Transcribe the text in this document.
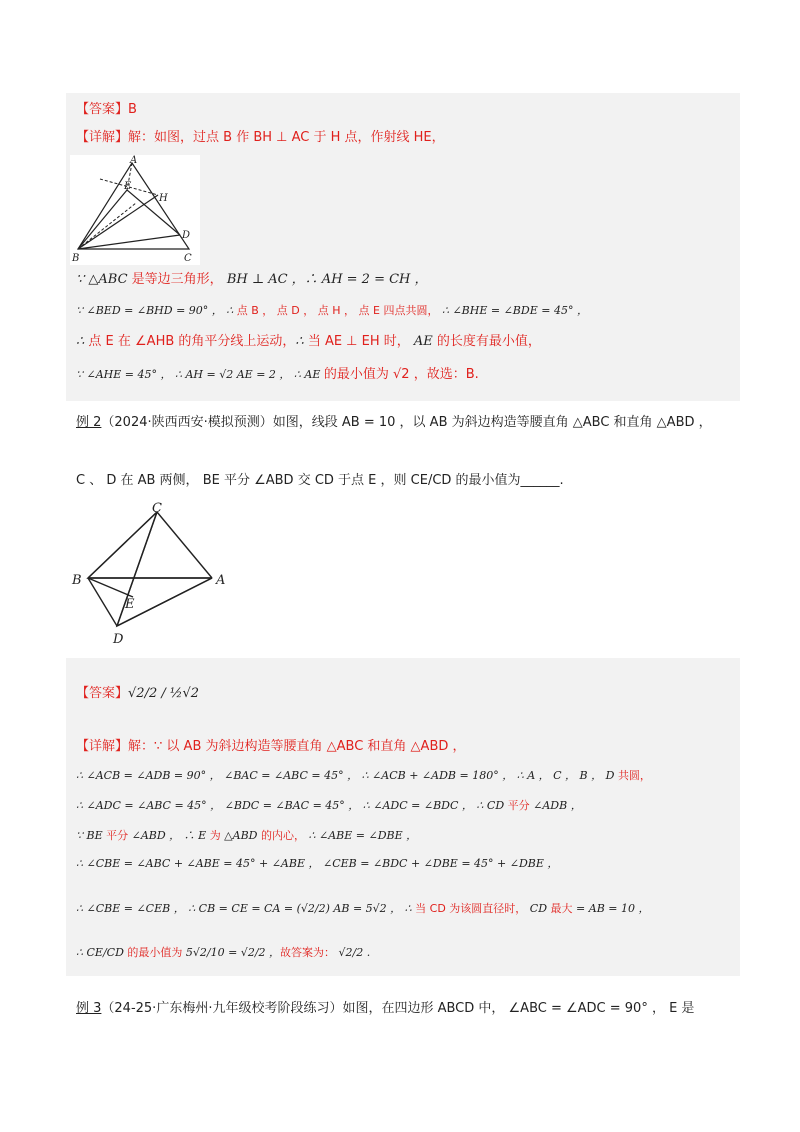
【答案】B
【详解】解：如图，过点 B 作 BH ⊥ AC 于 H 点，作射线 HE，
A
E
H
D
B	C
∵ △ABC 是等边三角形， BH ⊥ AC ，∴ AH = 2 = CH ，
∵ ∠BED = ∠BHD = 90° ， ∴ 点 B ， 点 D ， 点 H ， 点 E 四点共圆， ∴ ∠BHE = ∠BDE = 45° ，
∴ 点 E 在 ∠AHB 的角平分线上运动，∴ 当 AE ⊥ EH 时， AE 的长度有最小值，
∵ ∠AHE = 45° ， ∴ AH = √2 AE = 2 ， ∴ AE 的最小值为 √2 ，故选：B.
例 2（2024·陕西西安·模拟预测）如图，线段 AB = 10 ，以 AB 为斜边构造等腰直角 △ABC 和直角 △ABD ，
C 、 D 在 AB 两侧， BE 平分 ∠ABD 交 CD 于点 E ，则 CE/CD 的最小值为______.
C
B	A
E
D
【答案】√2/2 / ½√2
【详解】解：∵ 以 AB 为斜边构造等腰直角 △ABC 和直角 △ABD ，
∴ ∠ACB = ∠ADB = 90° ， ∠BAC = ∠ABC = 45° ， ∴ ∠ACB + ∠ADB = 180° ， ∴ A ， C ， B ， D 共圆，
∴ ∠ADC = ∠ABC = 45° ， ∠BDC = ∠BAC = 45° ， ∴ ∠ADC = ∠BDC ， ∴ CD 平分 ∠ADB ，
∵ BE 平分 ∠ABD ， ∴ E 为 △ABD 的内心， ∴ ∠ABE = ∠DBE ，
∴ ∠CBE = ∠ABC + ∠ABE = 45° + ∠ABE ， ∠CEB = ∠BDC + ∠DBE = 45° + ∠DBE ，
∴ ∠CBE = ∠CEB ， ∴ CB = CE = CA = (√2/2) AB = 5√2 ， ∴ 当 CD 为该圆直径时， CD 最大 = AB = 10 ，
∴ CE/CD 的最小值为 5√2/10 = √2/2 ，故答案为： √2/2 .
例 3（24-25·广东梅州·九年级校考阶段练习）如图，在四边形 ABCD 中， ∠ABC = ∠ADC = 90° ， E 是
